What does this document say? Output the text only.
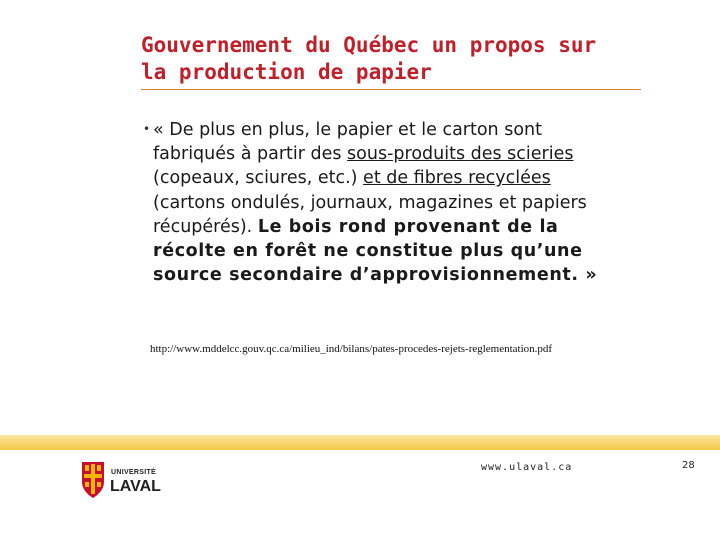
Gouvernement du Québec un propos sur la production de papier
• « De plus en plus, le papier et le carton sont fabriqués à partir des sous-produits des scieries (copeaux, sciures, etc.) et de fibres recyclées (cartons ondulés, journaux, magazines et papiers récupérés). Le bois rond provenant de la récolte en forêt ne constitue plus qu’une source secondaire d’approvisionnement. »
http://www.mddelcc.gouv.qc.ca/milieu_ind/bilans/pates-procedes-rejets-reglementation.pdf
UNIVERSITÉ
LAVAL
www.ulaval.ca	28
